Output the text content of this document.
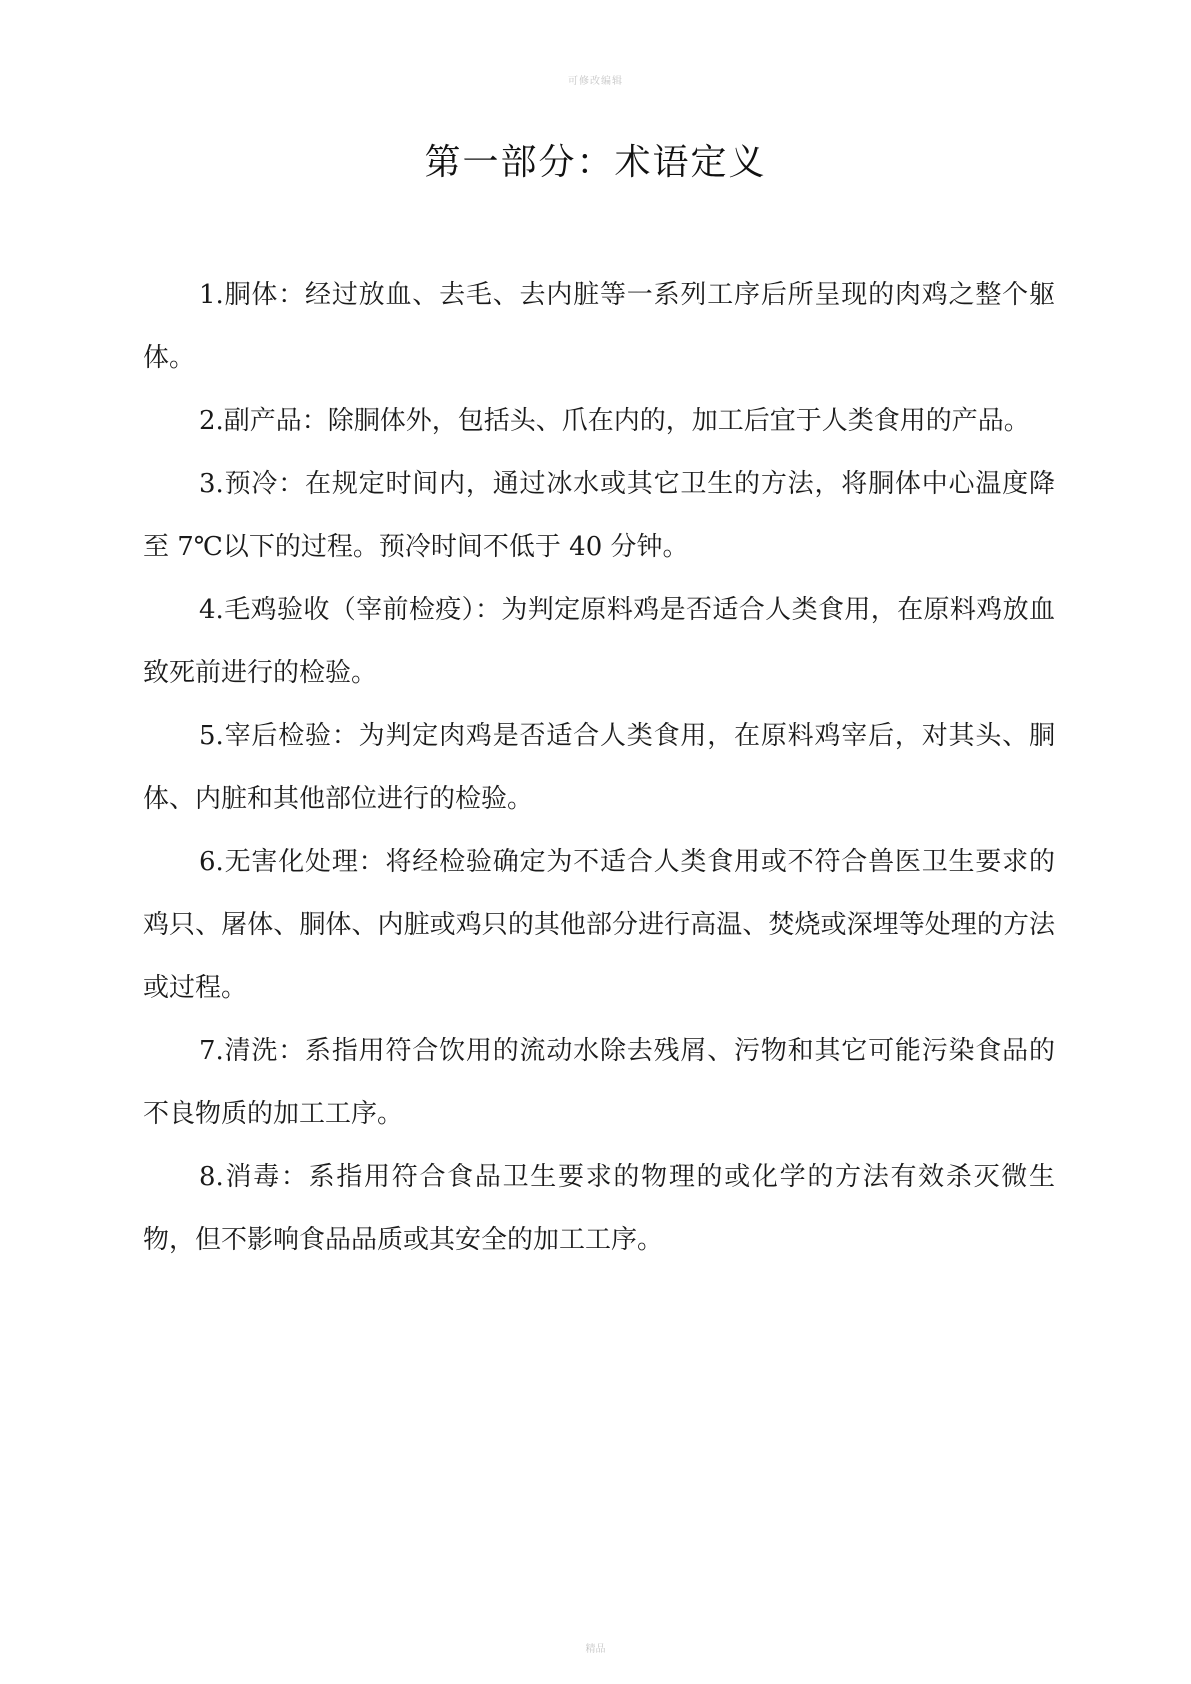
可修改编辑
第一部分：术语定义

1.胴体：经过放血、去毛、去内脏等一系列工序后所呈现的肉鸡之整个躯体。

2.副产品：除胴体外，包括头、爪在内的，加工后宜于人类食用的产品。

3.预冷：在规定时间内，通过冰水或其它卫生的方法，将胴体中心温度降至 7℃以下的过程。预冷时间不低于 40 分钟。

4.毛鸡验收（宰前检疫）：为判定原料鸡是否适合人类食用，在原料鸡放血致死前进行的检验。

5.宰后检验：为判定肉鸡是否适合人类食用，在原料鸡宰后，对其头、胴体、内脏和其他部位进行的检验。

6.无害化处理：将经检验确定为不适合人类食用或不符合兽医卫生要求的鸡只、屠体、胴体、内脏或鸡只的其他部分进行高温、焚烧或深埋等处理的方法或过程。

7.清洗：系指用符合饮用的流动水除去残屑、污物和其它可能污染食品的不良物质的加工工序。

8.消毒：系指用符合食品卫生要求的物理的或化学的方法有效杀灭微生物，但不影响食品品质或其安全的加工工序。

精品
